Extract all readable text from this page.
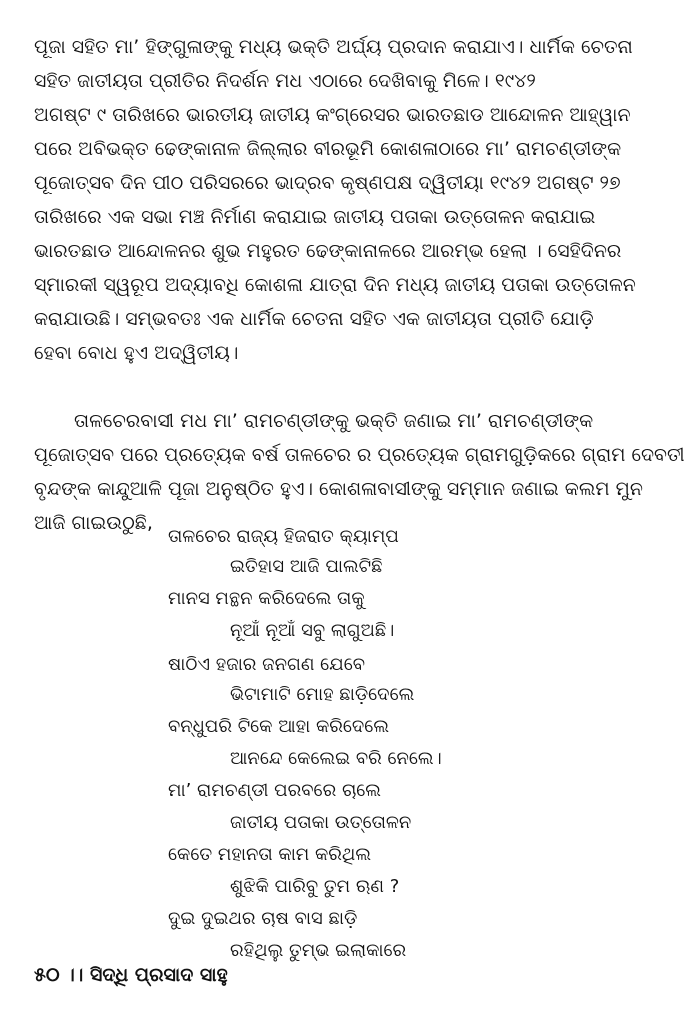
ପୂଜା ସହିତ ମା’ ହିଙ୍ଗୁଳାଙ୍କୁ ମଧ୍ୟ ଭକ୍ତି ଅର୍ଘ୍ୟ ପ୍ରଦାନ କରାଯାଏ। ଧାର୍ମିକ ଚେତନା
ସହିତ ଜାତୀୟତା ପ୍ରୀତିର ନିଦର୍ଶନ ମଧ ଏଠାରେ ଦେଖିବାକୁ ମିଳେ। ୧୯୪୨
ଅଗଷ୍ଟ ୯ ତାରିଖରେ ଭାରତୀୟ ଜାତୀୟ କଂଗ୍ରେସର ଭାରତଛାଡ ଆନ୍ଦୋଳନ ଆହ୍ୱାନ
ପରେ ଅବିଭକ୍ତ ଢେଙ୍କାନାଳ ଜିଲ୍ଲାର ବୀରଭୂମି କୋଶଳାଠାରେ ମା’ ରାମଚଣ୍ଡୀଙ୍କ
ପୂଜୋତ୍ସବ ଦିନ ପୀଠ ପରିସରରେ ଭାଦ୍ରବ କୃଷ୍ଣପକ୍ଷ ଦ୍ୱିତୀୟା ୧୯୪୨ ଅଗଷ୍ଟ ୨୭
ତାରିଖରେ ଏକ ସଭା ମଞ୍ଚ ନିର୍ମାଣ କରାଯାଇ ଜାତୀୟ ପତାକା ଉତ୍ତୋଳନ କରାଯାଇ
ଭାରତଛାଡ ଆନ୍ଦୋଳନର ଶୁଭ ମହୁରତ ଢେଙ୍କାନାଳରେ ଆରମ୍ଭ ହେଲା । ସେହିଦିନର
ସ୍ମାରକୀ ସ୍ୱରୂପ ଅଦ୍ୟାବଧି କୋଶଳା ଯାତ୍ରା ଦିନ ମଧ୍ୟ ଜାତୀୟ ପତାକା ଉତ୍ତୋଳନ
କରାଯାଉଛି। ସମ୍ଭବତଃ ଏକ ଧାର୍ମିକ ଚେତନା ସହିତ ଏକ ଜାତୀୟତା ପ୍ରୀତି ଯୋଡ଼ି
ହେବା ବୋଧ ହୁଏ ଅଦ୍ୱିତୀୟ।
ତାଳଚେରବାସୀ ମଧ ମା’ ରାମଚଣ୍ଡୀଙ୍କୁ ଭକ୍ତି ଜଣାଇ ମା’ ରାମଚଣ୍ଡୀଙ୍କ
ପୂଜୋତ୍ସବ ପରେ ପ୍ରତ୍ୟେକ ବର୍ଷ ତାଳଚେର ର ପ୍ରତ୍ୟେକ ଗ୍ରାମଗୁଡ଼ିକରେ ଗ୍ରାମ ଦେବତୀ
ବୃନ୍ଦଙ୍କ କାନ୍ଦୁଆଳି ପୂଜା ଅନୁଷ୍ଠିତ ହୁଏ। କୋଶଳାବାସୀଙ୍କୁ ସମ୍ମାନ ଜଣାଇ କଲମ ମୁନ
ଆଜି ଗାଇଉଠୁଛି,

ତାଳଚେର ରାଜ୍ୟ ହିଜରାତ କ୍ୟାମ୍ପ

ଇତିହାସ ଆଜି ପାଲଟିଛି

ମାନସ ମନ୍ଥନ କରିଦେଲେ ତାକୁ

ନୂଆଁ ନୂଆଁ ସବୁ ଲାଗୁଅଛି।

ଷାଠିଏ ହଜାର ଜନଗଣ ଯେବେ

ଭିଟାମାଟି ମୋହ ଛାଡ଼ିଦେଲେ

ବନ୍ଧୁପରି ଟିକେ ଆହା କରିଦେଲେ

ଆନନ୍ଦେ କେଲେଇ ବରି ନେଲେ।

ମା’ ରାମଚଣ୍ଡୀ ପରବରେ ଚାଲେ

ଜାତୀୟ ପତାକା ଉତ୍ତୋଳନ

କେତେ ମହାନତା କାମ କରିଥିଲ

ଶୁଝିକି ପାରିବୁ ତୁମ ଋଣ ?

ଦୁଇ ଦୁଇଥର ଚାଷ ବାସ ଛାଡ଼ି

ରହିଥିଲୁ ତୁମ୍ଭ ଇଲାକାରେ

୫୦ ।। ସିଦ୍ଧି ପ୍ରସାଦ ସାହୁ
